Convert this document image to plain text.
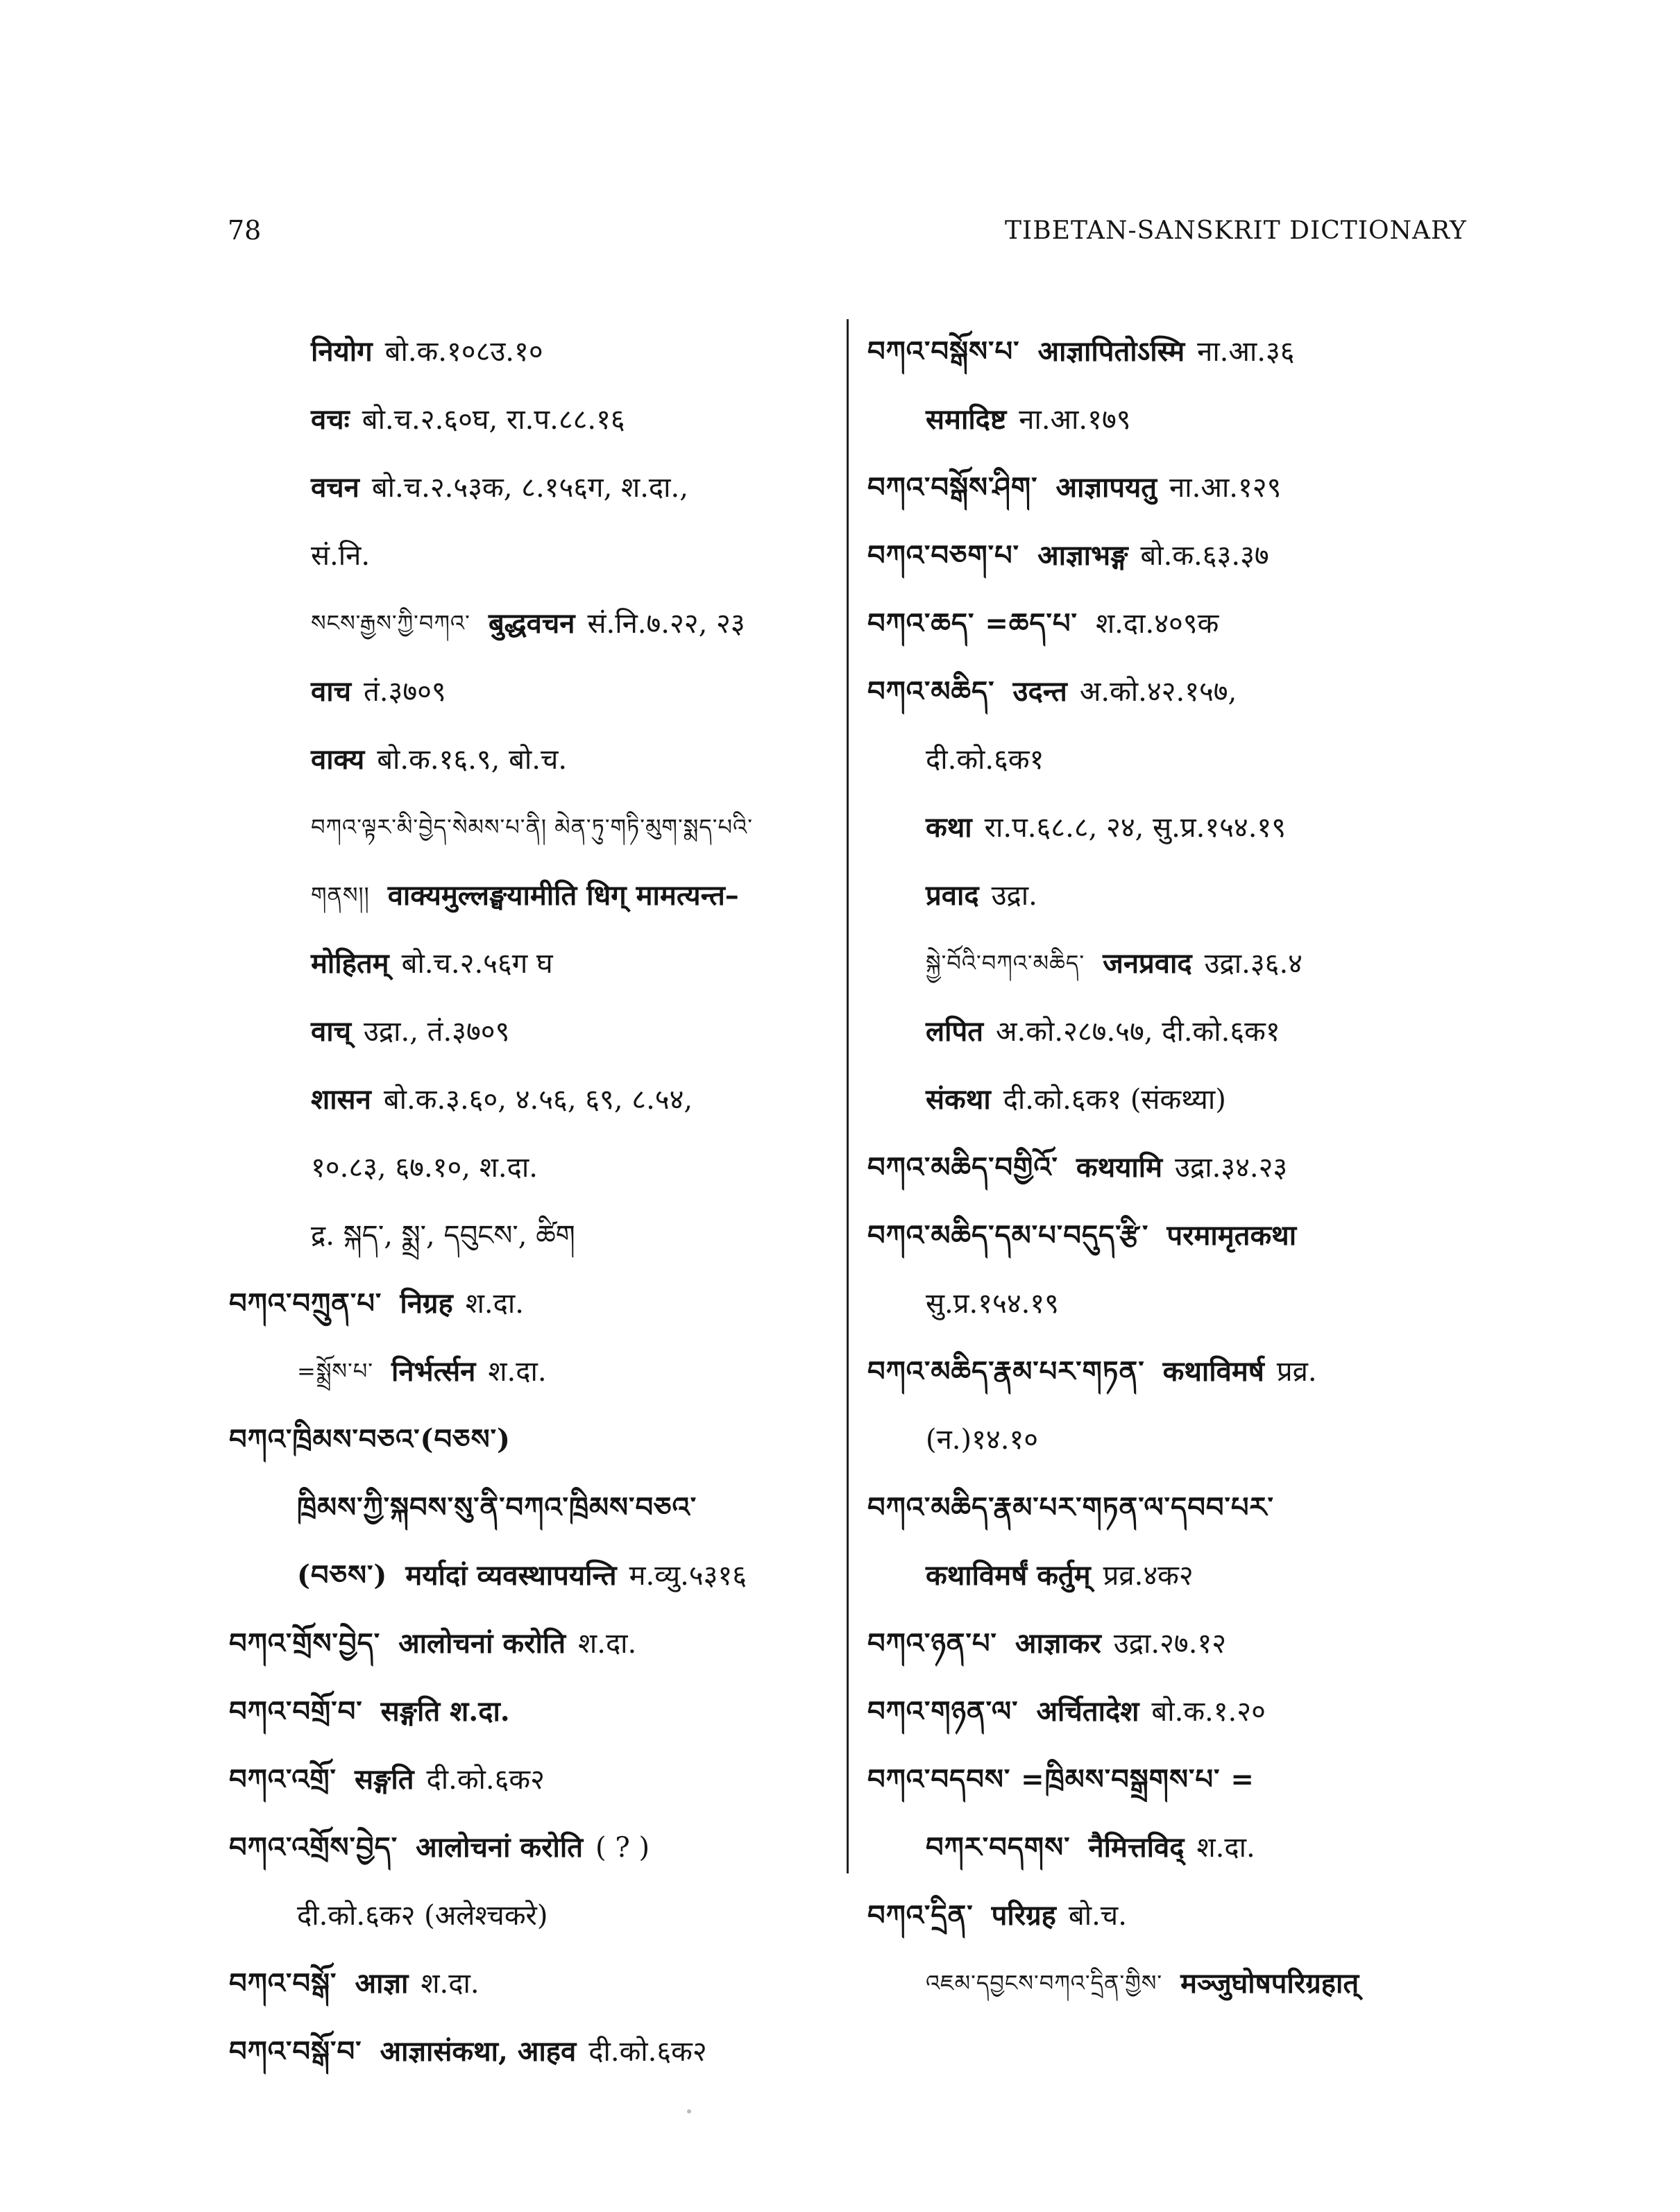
78	TIBETAN-SANSKRIT DICTIONARY
नियोग बो.क.१०८उ.१०
वचः बो.च.२.६०घ, रा.प.८८.१६
वचन बो.च.२.५३क, ८.१५६ग, श.दा.,
सं.नि.
སངས་རྒྱས་ཀྱི་བཀའ་ बुद्धवचन सं.नि.७.२२, २३
वाच तं.३७०९
वाक्य बो.क.१६.९, बो.च.
བཀའ་ལྟར་མི་བྱེད་སེམས་པ་ནི། མེན་ཏུ་གཏི་མུག་སྨད་པའི་
གནས།། वाक्यमुल्लङ्घयामीति धिग् मामत्यन्त–
मोहितम् बो.च.२.५६ग घ
वाच् उद्रा., तं.३७०९
शासन बो.क.३.६०, ४.५६, ६९, ८.५४,
१०.८३, ६७.१०, श.दा.
द्र. སྐད་, སྨྲ་, དབུངས་, ཚིག
བཀའ་བཀྲུན་པ་ निग्रह श.दा.
=སྨྲོས་པ་ निर्भर्त्सन श.दा.
བཀའ་ཁྲིམས་བཅའ་(བཅས་)
ཁྲིམས་ཀྱི་སྐབས་སུ་ནི་བཀའ་ཁྲིམས་བཅའ་
(བཅས་) मर्यादां व्यवस्थापयन्ति म.व्यु.५३१६
བཀའ་གྲོས་བྱེད་ आलोचनां करोति श.दा.
བཀའ་བགྲོ་བ་ सङ्गति श.दा.
བཀའ་འགྲོ་ सङ्गति दी.को.६क२
བཀའ་འགྲོས་བྱེད་ आलोचनां करोति ( ? )
दी.को.६क२ (अलेश्चकरे)
བཀའ་བསྒོ་ आज्ञा श.दा.
བཀའ་བསྒོ་བ་ आज्ञासंकथा, आहव दी.को.६क२
བཀའ་བསྒོས་པ་ आज्ञापितोऽस्मि ना.आ.३६
समादिष्ट ना.आ.१७९
བཀའ་བསྒོས་ཤིག་ आज्ञापयतु ना.आ.१२९
བཀའ་བཅག་པ་ आज्ञाभङ्ग बो.क.६३.३७
བཀའ་ཆད་ =ཆད་པ་ श.दा.४०९क
བཀའ་མཆིད་ उदन्त अ.को.४२.१५७,
दी.को.६क१
कथा रा.प.६८.८, २४, सु.प्र.१५४.१९
प्रवाद उद्रा.
སྐྱེ་བོའི་བཀའ་མཆིད་ जनप्रवाद उद्रा.३६.४
लपित अ.को.२८७.५७, दी.को.६क१
संकथा दी.को.६क१ (संकथ्या)
བཀའ་མཆིད་བགྱིའོ་ कथयामि उद्रा.३४.२३
བཀའ་མཆིད་དམ་པ་བདུད་རྩི་ परमामृतकथा
सु.प्र.१५४.१९
བཀའ་མཆིད་རྣམ་པར་གཏན་ कथाविमर्ष प्रव्र.
(न.)१४.१०
བཀའ་མཆིད་རྣམ་པར་གཏན་ལ་དབབ་པར་
कथाविमर्षं कर्तुम् प्रव्र.४क२
བཀའ་ཉན་པ་ आज्ञाकर उद्रा.२७.१२
བཀའ་གཉན་ལ་ अर्चितादेश बो.क.१.२०
བཀའ་བདབས་ =ཁྲིམས་བསྒྲགས་པ་ =
བཀར་བདགས་ नैमित्तविद् श.दा.
བཀའ་དྲིན་ परिग्रह बो.च.
འཇམ་དབྱངས་བཀའ་དྲིན་གྱིས་ मञ्जुघोषपरिग्रहात्
